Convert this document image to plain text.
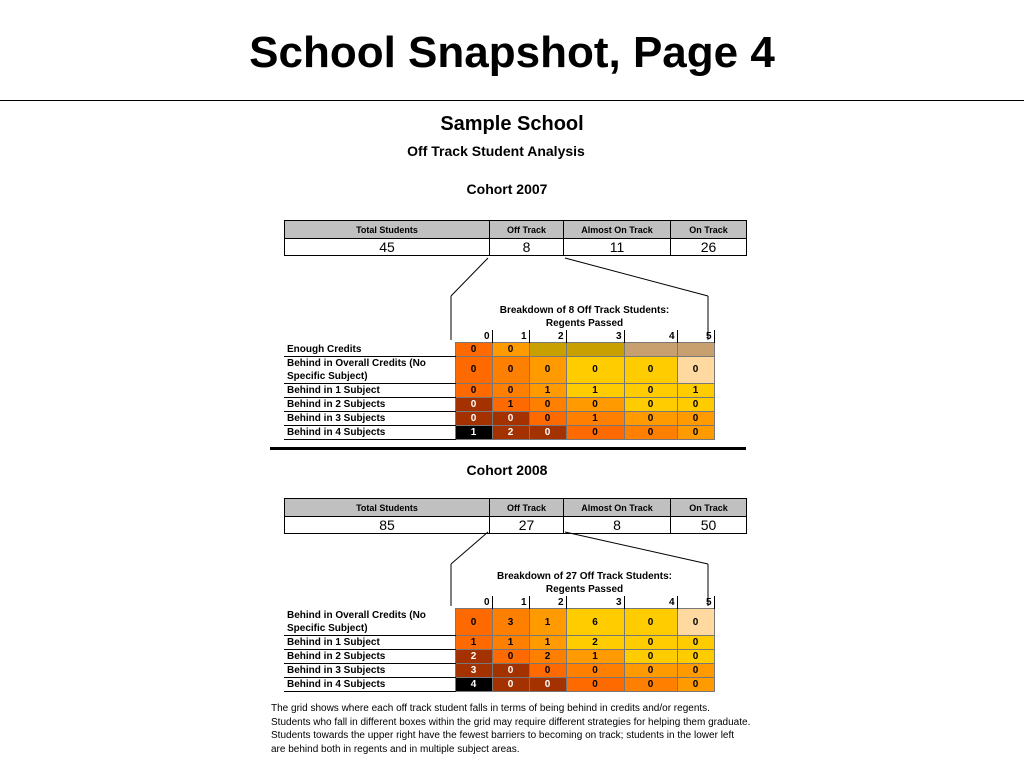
School Snapshot, Page 4
Sample School
Off Track Student Analysis
Cohort 2007
Total Students	Off Track	Almost On Track	On Track
45	8	11	26
	Breakdown of 8 Off Track Students:					
	Regents Passed					
	0	1	2	3	4	5
Enough Credits	0	0				
Behind in Overall Credits (No Specific Subject)	0	0	0	0	0	0
Behind in 1 Subject	0	0	1	1	0	1
Behind in 2 Subjects	0	1	0	0	0	0
Behind in 3 Subjects	0	0	0	1	0	0
Behind in 4 Subjects	1	2	0	0	0	0
Cohort 2008
Total Students	Off Track	Almost On Track	On Track
85	27	8	50
	Breakdown of 27 Off Track Students:					
	Regents Passed					
	0	1	2	3	4	5
Behind in Overall Credits (No Specific Subject)	0	3	1	6	0	0
Behind in 1 Subject	1	1	1	2	0	0
Behind in 2 Subjects	2	0	2	1	0	0
Behind in 3 Subjects	3	0	0	0	0	0
Behind in 4 Subjects	4	0	0	0	0	0
The grid shows where each off track student falls in terms of being behind in credits and/or regents. Students who fall in different boxes within the grid may require different strategies for helping them graduate. Students towards the upper right have the fewest barriers to becoming on track; students in the lower left are behind both in regents and in multiple subject areas.
